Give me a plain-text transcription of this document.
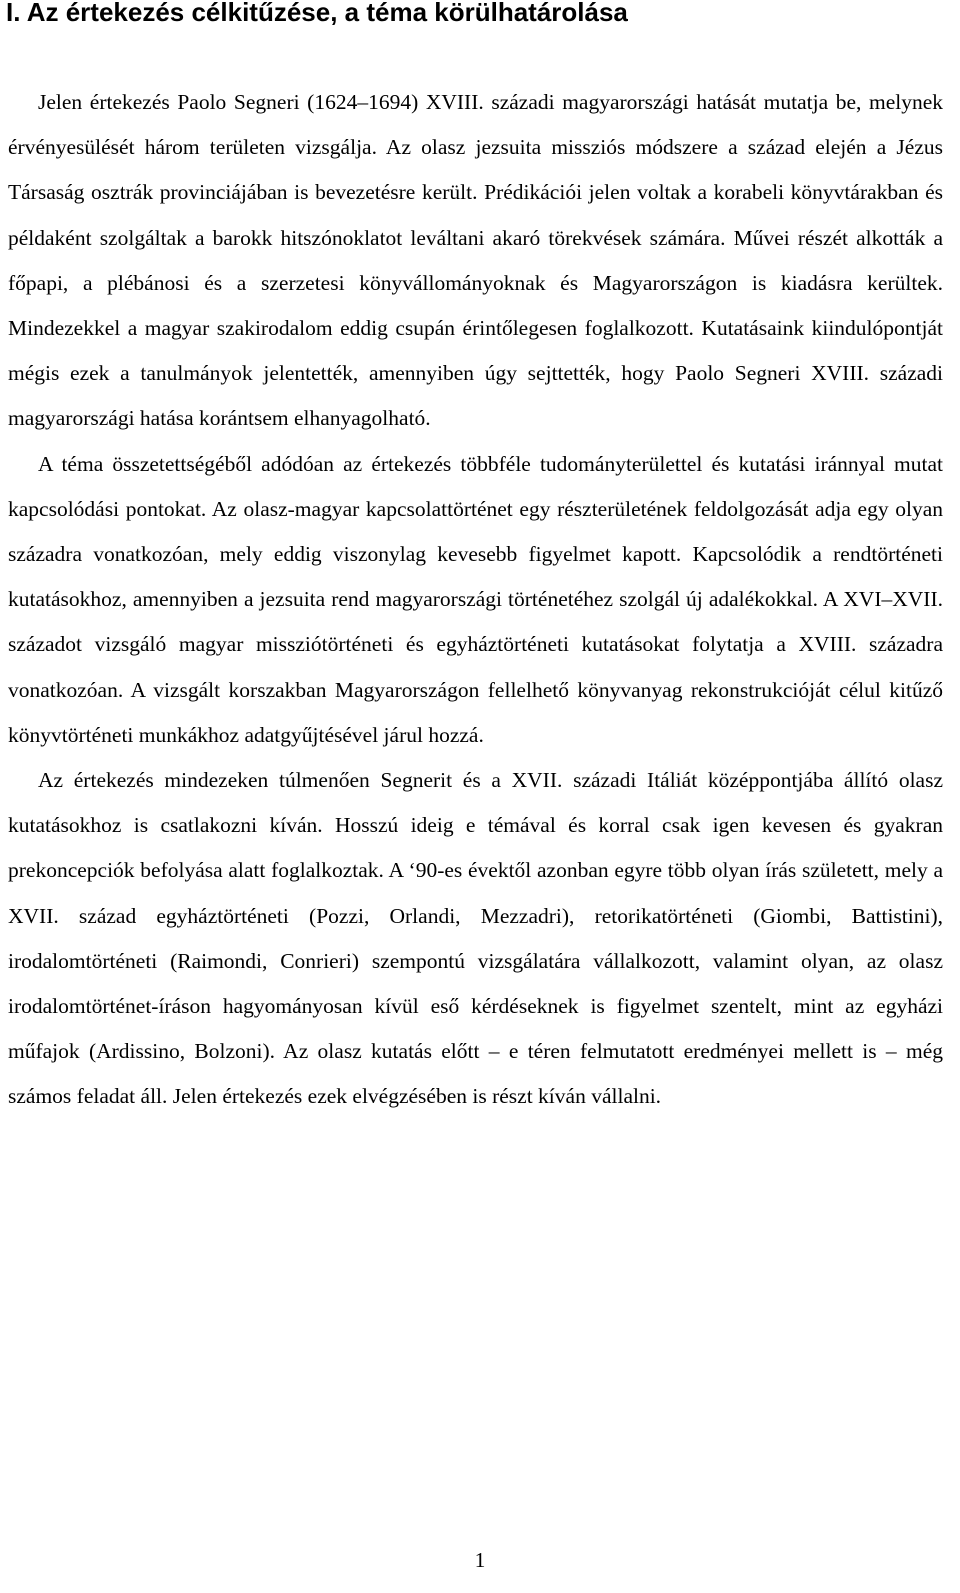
I. Az értekezés célkitűzése, a téma körülhatárolása

Jelen értekezés Paolo Segneri (1624–1694) XVIII. századi magyarországi hatását mutatja be, melynek érvényesülését három területen vizsgálja. Az olasz jezsuita missziós módszere a század elején a Jézus Társaság osztrák provinciájában is bevezetésre került. Prédikációi jelen voltak a korabeli könyvtárakban és példaként szolgáltak a barokk hitszónoklatot leváltani akaró törekvések számára. Művei részét alkották a főpapi, a plébánosi és a szerzetesi könyvállományoknak és Magyarországon is kiadásra kerültek. Mindezekkel a magyar szakirodalom eddig csupán érintőlegesen foglalkozott. Kutatásaink kiindulópontját mégis ezek a tanulmányok jelentették, amennyiben úgy sejttették, hogy Paolo Segneri XVIII. századi magyarországi hatása korántsem elhanyagolható.

A téma összetettségéből adódóan az értekezés többféle tudományterülettel és kutatási iránnyal mutat kapcsolódási pontokat. Az olasz-magyar kapcsolattörténet egy részterületének feldolgozását adja egy olyan századra vonatkozóan, mely eddig viszonylag kevesebb figyelmet kapott. Kapcsolódik a rendtörténeti kutatásokhoz, amennyiben a jezsuita rend magyarországi történetéhez szolgál új adalékokkal. A XVI–XVII. századot vizsgáló magyar missziótörténeti és egyháztörténeti kutatásokat folytatja a XVIII. századra vonatkozóan. A vizsgált korszakban Magyarországon fellelhető könyvanyag rekonstrukcióját célul kitűző könyvtörténeti munkákhoz adatgyűjtésével járul hozzá.

Az értekezés mindezeken túlmenően Segnerit és a XVII. századi Itáliát középpontjába állító olasz kutatásokhoz is csatlakozni kíván. Hosszú ideig e témával és korral csak igen kevesen és gyakran prekoncepciók befolyása alatt foglalkoztak. A ‘90-es évektől azonban egyre több olyan írás született, mely a XVII. század egyháztörténeti (Pozzi, Orlandi, Mezzadri), retorikatörténeti (Giombi, Battistini), irodalomtörténeti (Raimondi, Conrieri) szempontú vizsgálatára vállalkozott, valamint olyan, az olasz irodalomtörténet-íráson hagyományosan kívül eső kérdéseknek is figyelmet szentelt, mint az egyházi műfajok (Ardissino, Bolzoni). Az olasz kutatás előtt – e téren felmutatott eredményei mellett is – még számos feladat áll. Jelen értekezés ezek elvégzésében is részt kíván vállalni.

1
